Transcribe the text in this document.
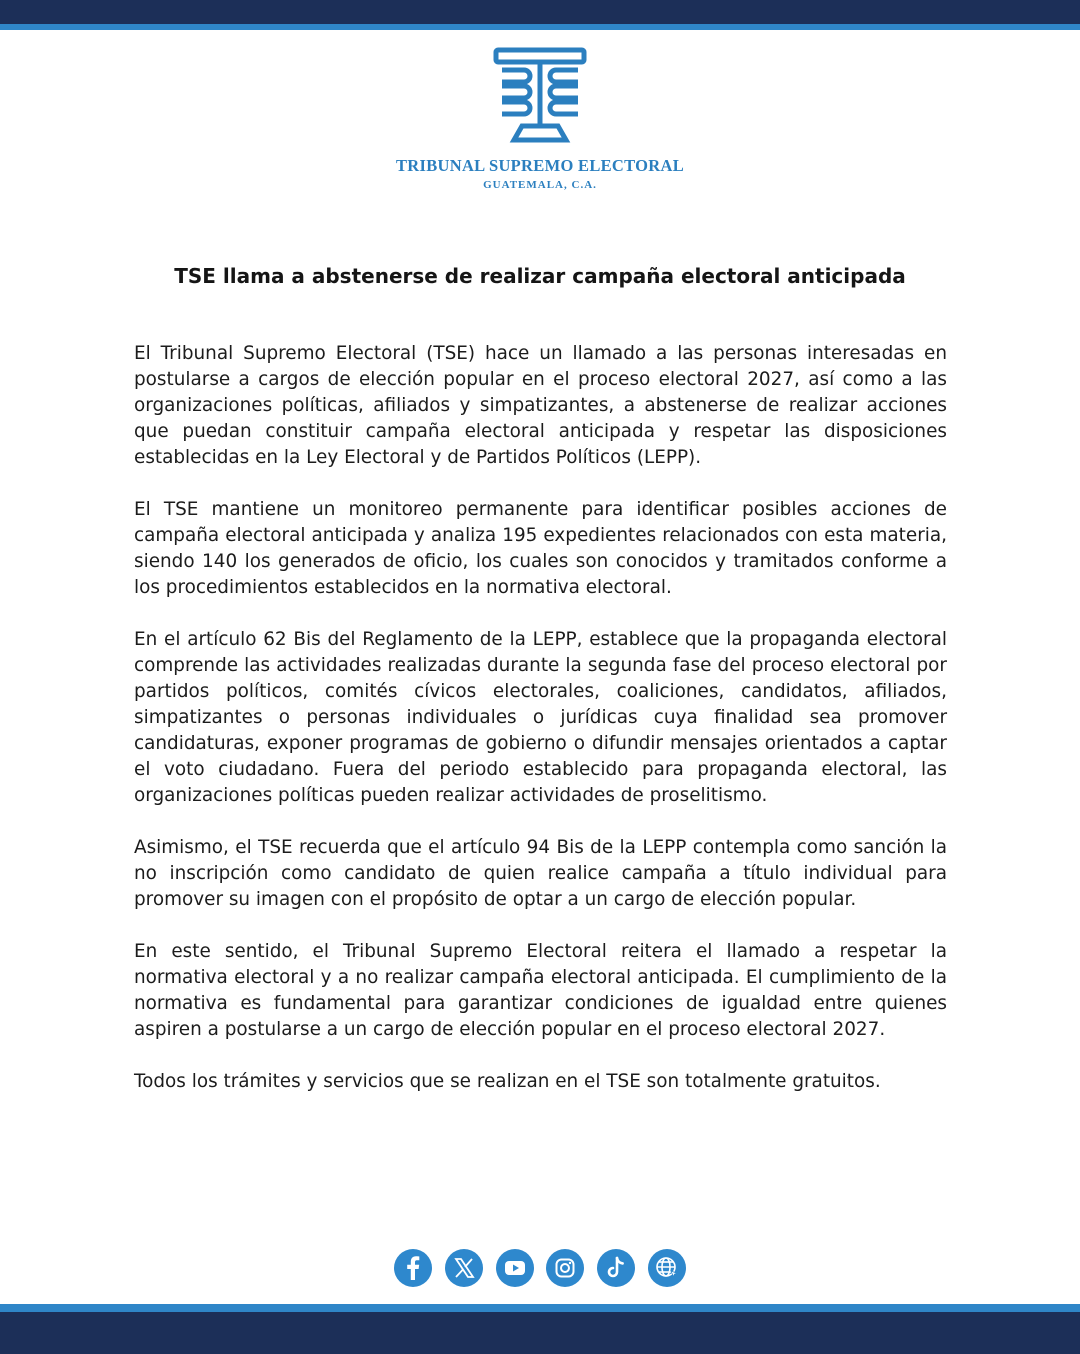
TRIBUNAL SUPREMO ELECTORAL
GUATEMALA, C.A.
TSE llama a abstenerse de realizar campaña electoral anticipada

El Tribunal Supremo Electoral (TSE) hace un llamado a las personas interesadas en postularse a cargos de elección popular en el proceso electoral 2027, así como a las organizaciones políticas, afiliados y simpatizantes, a abstenerse de realizar acciones que puedan constituir campaña electoral anticipada y respetar las disposiciones establecidas en la Ley Electoral y de Partidos Políticos (LEPP).

El TSE mantiene un monitoreo permanente para identificar posibles acciones de campaña electoral anticipada y analiza 195 expedientes relacionados con esta materia, siendo 140 los generados de oficio, los cuales son conocidos y tramitados conforme a los procedimientos establecidos en la normativa electoral.

En el artículo 62 Bis del Reglamento de la LEPP, establece que la propaganda electoral comprende las actividades realizadas durante la segunda fase del proceso electoral por partidos políticos, comités cívicos electorales, coaliciones, candidatos, afiliados, simpatizantes o personas individuales o jurídicas cuya finalidad sea promover candidaturas, exponer programas de gobierno o difundir mensajes orientados a captar el voto ciudadano. Fuera del periodo establecido para propaganda electoral, las organizaciones políticas pueden realizar actividades de proselitismo.

Asimismo, el TSE recuerda que el artículo 94 Bis de la LEPP contempla como sanción la no inscripción como candidato de quien realice campaña a título individual para promover su imagen con el propósito de optar a un cargo de elección popular.

En este sentido, el Tribunal Supremo Electoral reitera el llamado a respetar la normativa electoral y a no realizar campaña electoral anticipada. El cumplimiento de la normativa es fundamental para garantizar condiciones de igualdad entre quienes aspiren a postularse a un cargo de elección popular en el proceso electoral 2027.

Todos los trámites y servicios que se realizan en el TSE son totalmente gratuitos.
